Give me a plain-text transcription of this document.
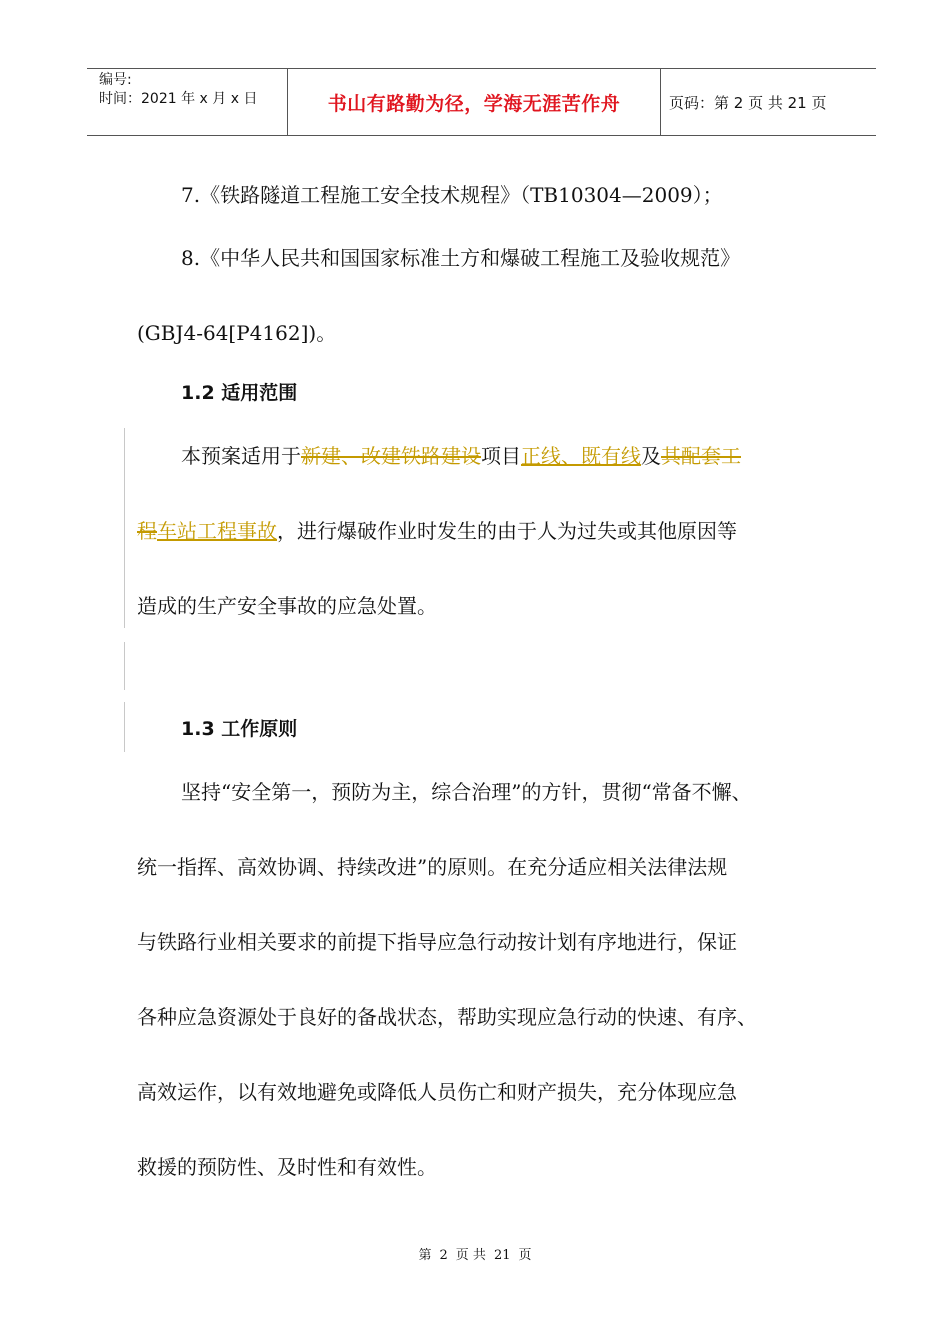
编号:
时间：2021 年 x 月 x 日	书山有路勤为径，学海无涯苦作舟	页码：第 2 页 共 21 页
7.《铁路隧道工程施工安全技术规程》（TB10304—2009）；
8.《中华人民共和国国家标准土方和爆破工程施工及验收规范》
(GBJ4-64[P4162])。
1.2 适用范围
本预案适用于新建、改建铁路建设项目正线、既有线及其配套工
程车站工程事故，进行爆破作业时发生的由于人为过失或其他原因等
造成的生产安全事故的应急处置。
1.3 工作原则
坚持“安全第一，预防为主，综合治理”的方针，贯彻“常备不懈、
统一指挥、高效协调、持续改进”的原则。在充分适应相关法律法规
与铁路行业相关要求的前提下指导应急行动按计划有序地进行，保证
各种应急资源处于良好的备战状态，帮助实现应急行动的快速、有序、
高效运作，以有效地避免或降低人员伤亡和财产损失，充分体现应急
救援的预防性、及时性和有效性。
第 2 页 共 21 页
